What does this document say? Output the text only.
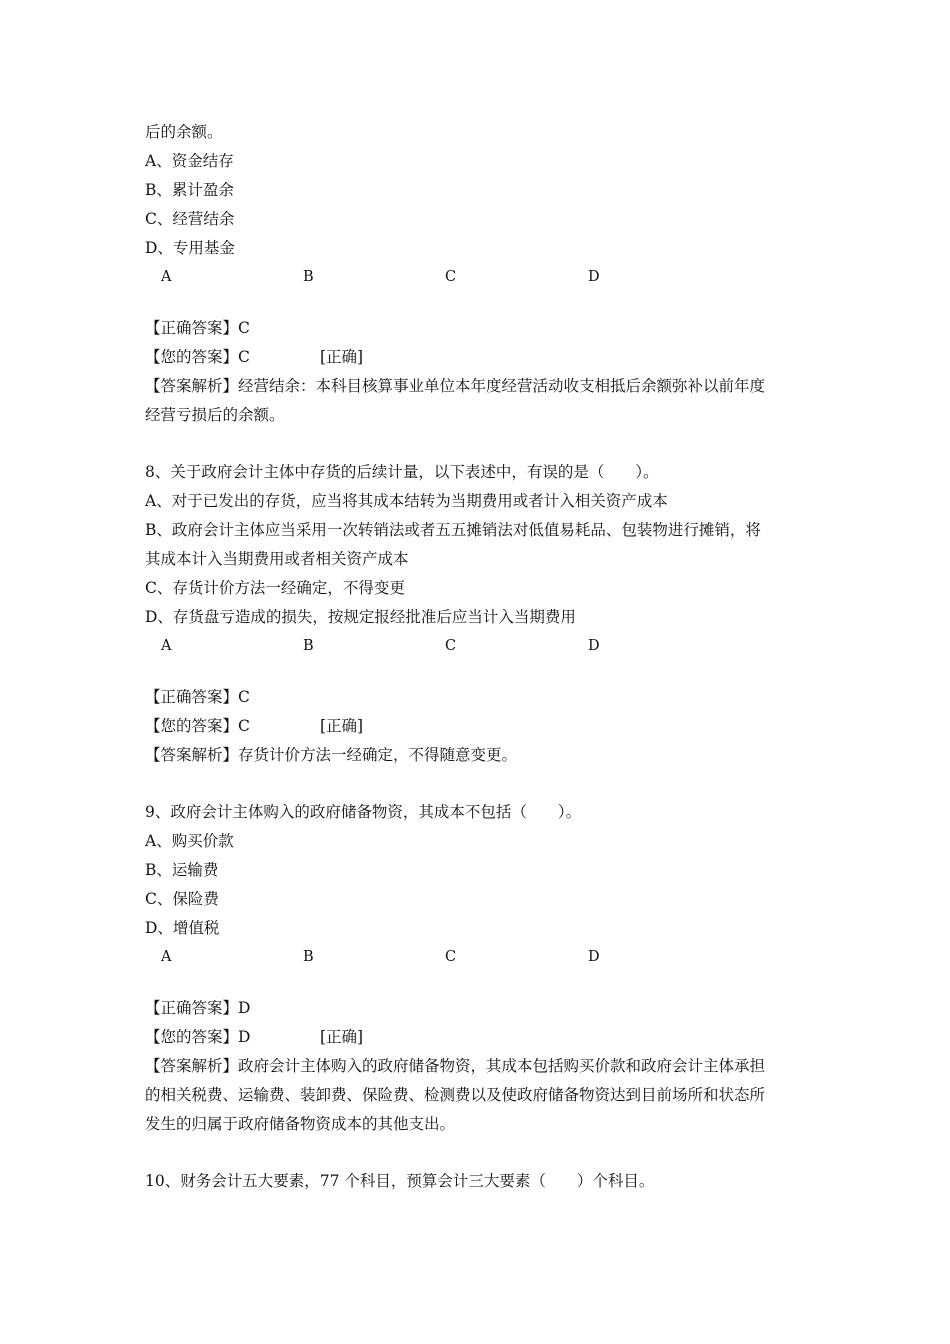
后的余额。
A、资金结存
B、累计盈余
C、经营结余
D、专用基金
A	B	C	D
【正确答案】C
【您的答案】C	[正确]
【答案解析】经营结余：本科目核算事业单位本年度经营活动收支相抵后余额弥补以前年度
经营亏损后的余额。
8、关于政府会计主体中存货的后续计量，以下表述中，有误的是（　　）。
A、对于已发出的存货，应当将其成本结转为当期费用或者计入相关资产成本
B、政府会计主体应当采用一次转销法或者五五摊销法对低值易耗品、包装物进行摊销，将
其成本计入当期费用或者相关资产成本
C、存货计价方法一经确定，不得变更
D、存货盘亏造成的损失，按规定报经批准后应当计入当期费用
A	B	C	D
【正确答案】C
【您的答案】C	[正确]
【答案解析】存货计价方法一经确定，不得随意变更。
9、政府会计主体购入的政府储备物资，其成本不包括（　　）。
A、购买价款
B、运输费
C、保险费
D、增值税
A	B	C	D
【正确答案】D
【您的答案】D	[正确]
【答案解析】政府会计主体购入的政府储备物资，其成本包括购买价款和政府会计主体承担
的相关税费、运输费、装卸费、保险费、检测费以及使政府储备物资达到目前场所和状态所
发生的归属于政府储备物资成本的其他支出。
10、财务会计五大要素，77 个科目，预算会计三大要素（　　）个科目。
